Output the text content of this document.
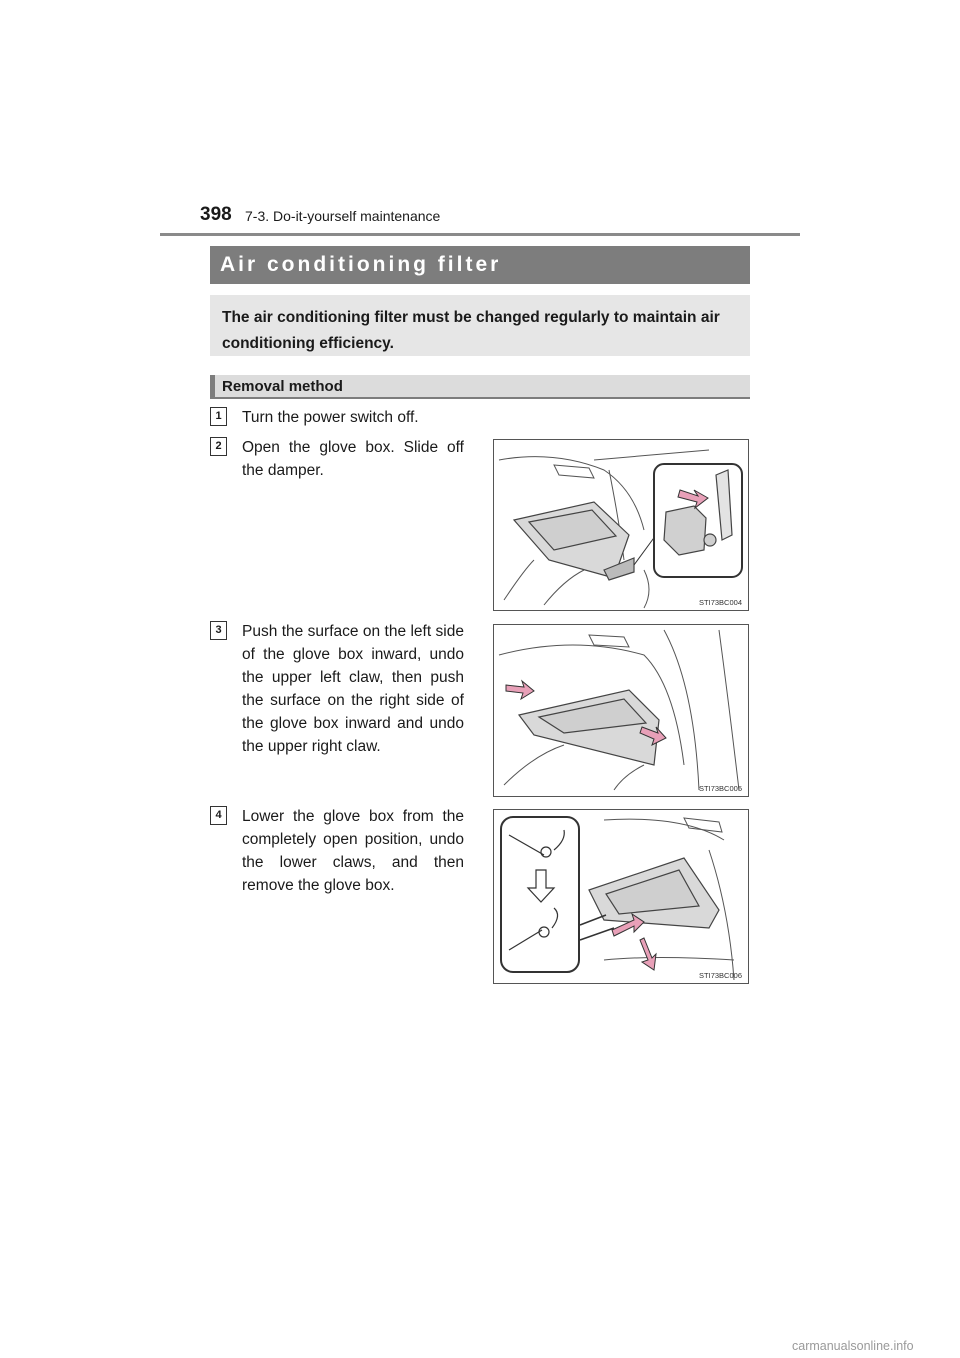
398 7-3. Do-it-yourself maintenance
Air conditioning filter
The air conditioning filter must be changed regularly to maintain air conditioning efficiency.
Removal method
1	Turn the power switch off.
2	Open the glove box. Slide off the damper.
STI73BC004
3	Push the surface on the left side of the glove box inward, undo the upper left claw, then push the surface on the right side of the glove box inward and undo the upper right claw.
STI73BC005
4	Lower the glove box from the completely open position, undo the lower claws, and then remove the glove box.
STI73BC006
carmanualsonline.info
